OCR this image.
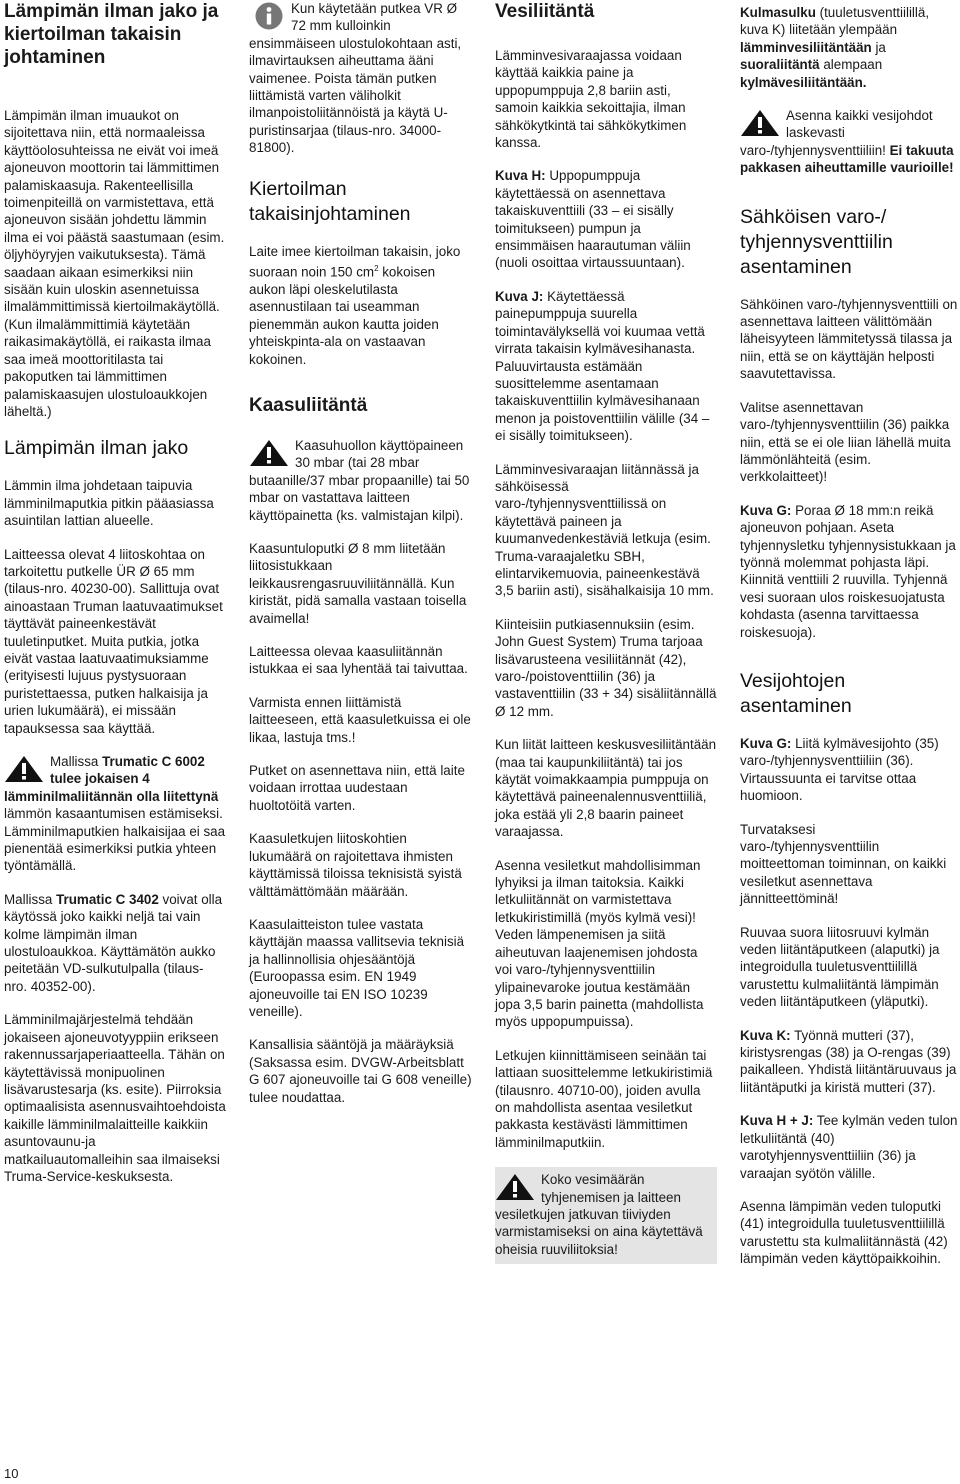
Lämpimän ilman jako ja kiertoilman takaisin johtaminen

Lämpimän ilman imuaukot on sijoitettava niin, että normaaleissa käyttöolosuhteissa ne eivät voi imeä ajoneuvon moottorin tai lämmittimen palamiskaasuja. Rakenteellisilla toimenpiteillä on varmistettava, että ajoneuvon sisään johdettu lämmin ilma ei voi päästä saastumaan (esim. öljyhöyryjen vaikutuksesta). Tämä saadaan aikaan esimerkiksi niin sisään kuin uloskin asennetuissa ilmalämmittimissä kiertoilmakäytöllä. (Kun ilmalämmittimiä käytetään raikasimakäytöllä, ei raikasta ilmaa saa imeä moottoritilasta tai pakoputken tai lämmittimen palamiskaasujen ulostuloaukkojen läheltä.)

Lämpimän ilman jako

Lämmin ilma johdetaan taipuvia lämminilmaputkia pitkin pääasiassa asuintilan lattian alueelle.

Laitteessa olevat 4 liitoskohtaa on tarkoitettu putkelle ÜR Ø 65 mm (tilaus-nro. 40230-00). Sallittuja ovat ainoastaan Truman laatuvaatimukset täyttävät paineenkestävät tuuletinputket. Muita putkia, jotka eivät vastaa laatuvaatimuksiamme (erityisesti lujuus pystysuoraan puristettaessa, putken halkaisija ja urien lukumäärä), ei missään tapauksessa saa käyttää.

Mallissa Trumatic C 6002 tulee jokaisen 4 lämminilmaliitännän olla liitettynä lämmön kasaantumisen estämiseksi. Lämminilmaputkien halkaisijaa ei saa pienentää esimerkiksi putkia yhteen työntämällä.

Mallissa Trumatic C 3402 voivat olla käytössä joko kaikki neljä tai vain kolme lämpimän ilman ulostuloaukkoa. Käyttämätön aukko peitetään VD-sulkutulpalla (tilaus-nro. 40352-00).

Lämminilmajärjestelmä tehdään jokaiseen ajoneuvotyyppiin erikseen rakennussarjaperiaatteella. Tähän on käytettävissä monipuolinen lisävarustesarja (ks. esite). Piirroksia optimaalisista asennusvaihtoehdoista kaikille lämminilmalaitteille kaikkiin asuntovaunu-ja matkailuautomalleihin saa ilmaiseksi Truma-Service-keskuksesta.

Kun käytetään putkea VR Ø 72 mm kulloinkin ensimmäiseen ulostulokohtaan asti, ilmavirtauksen aiheuttama ääni vaimenee. Poista tämän putken liittämistä varten väliholkit ilmanpoistoliitännöistä ja käytä U-puristinsarjaa (tilaus-nro. 34000-81800).

Kiertoilman takaisinjohtaminen

Laite imee kiertoilman takaisin, joko suoraan noin 150 $cm^2$ kokoisen aukon läpi oleskelutilasta asennustilaan tai useamman pienemmän aukon kautta joiden yhteiskpinta-ala on vastaavan kokoinen.

Kaasuliitäntä

Kaasuhuollon käyttöpaineen 30 mbar (tai 28 mbar butaanille/37 mbar propaanille) tai 50 mbar on vastattava laitteen käyttöpainetta (ks. valmistajan kilpi).

Kaasuntuloputki Ø 8 mm liitetään liitosistukkaan leikkausrengasruuviliitännällä. Kun kiristät, pidä samalla vastaan toisella avaimella!

Laitteessa olevaa kaasuliitännän istukkaa ei saa lyhentää tai taivuttaa.

Varmista ennen liittämistä laitteeseen, että kaasuletkuissa ei ole likaa, lastuja tms.!

Putket on asennettava niin, että laite voidaan irrottaa uudestaan huoltotöitä varten.

Kaasuletkujen liitoskohtien lukumäärä on rajoitettava ihmisten käyttämissä tiloissa teknisistä syistä välttämättömään määrään.

Kaasulaitteiston tulee vastata käyttäjän maassa vallitsevia teknisiä ja hallinnollisia ohjesääntöjä (Euroopassa esim. EN 1949 ajoneuvoille tai EN ISO 10239 veneille).

Kansallisia sääntöjä ja määräyksiä (Saksassa esim. DVGW-Arbeitsblatt G 607 ajoneuvoille tai G 608 veneille) tulee noudattaa.

Vesiliitäntä

Lämminvesivaraajassa voidaan käyttää kaikkia paine ja uppopumppuja 2,8 bariin asti, samoin kaikkia sekoittajia, ilman sähkökytkintä tai sähkökytkimen kanssa.

Kuva H: Uppopumppuja käytettäessä on asennettava takaiskuventtiili (33 – ei sisälly toimitukseen) pumpun ja ensimmäisen haarautuman väliin (nuoli osoittaa virtaussuuntaan).

Kuva J: Käytettäessä painepumppuja suurella toimintavälyksellä voi kuumaa vettä virrata takaisin kylmävesihanasta. Paluuvirtausta estämään suosittelemme asentamaan takaiskuventtiilin kylmävesihanaan menon ja poistoventtiilin välille (34 – ei sisälly toimitukseen).

Lämminvesivaraajan liitännässä ja sähköisessä varo-/tyhjennysventtiilissä on käytettävä paineen ja kuumanvedenkestäviä letkuja (esim. Truma-varaajaletku SBH, elintarvikemuovia, paineenkestävä 3,5 bariin asti), sisähalkaisija 10 mm.

Kiinteisiin putkiasennuksiin (esim. John Guest System) Truma tarjoaa lisävarusteena vesiliitännät (42), varo-/poistoventtiilin (36) ja vastaventtiilin (33 + 34) sisäliitännällä Ø 12 mm.

Kun liität laitteen keskusvesiliitäntään (maa tai kaupunkiliitäntä) tai jos käytät voimakkaampia pumppuja on käytettävä paineenalennusventtiiliä, joka estää yli 2,8 baarin paineet varaajassa.

Asenna vesiletkut mahdollisimman lyhyiksi ja ilman taitoksia. Kaikki letkuliitännät on varmistettava letkukiristimillä (myös kylmä vesi)! Veden lämpenemisen ja siitä aiheutuvan laajenemisen johdosta voi varo-/tyhjennysventtiilin ylipainevaroke joutua kestämään jopa 3,5 barin painetta (mahdollista myös uppopumpuissa).

Letkujen kiinnittämiseen seinään tai lattiaan suosittelemme letkukiristimiä (tilausnro. 40710-00), joiden avulla on mahdollista asentaa vesiletkut pakkasta kestävästi lämmittimen lämminilmaputkiin.

Koko vesimäärän tyhjenemisen ja laitteen vesiletkujen jatkuvan tiiviyden varmistamiseksi on aina käytettävä oheisia ruuviliitoksia!

Kulmasulku (tuuletusventtiilillä, kuva K) liitetään ylempään lämminvesiliitäntään ja suoraliitäntä alempaan kylmävesiliitäntään.

Asenna kaikki vesijohdot laskevasti varo-/tyhjennysventtiiliin! Ei takuuta pakkasen aiheuttamille vaurioille!

Sähköisen varo-/ tyhjennysventtiilin asentaminen

Sähköinen varo-/tyhjennysventtiili on asennettava laitteen välittömään läheisyyteen lämmitetyssä tilassa ja niin, että se on käyttäjän helposti saavutettavissa.

Valitse asennettavan varo-/tyhjennysventtiilin (36) paikka niin, että se ei ole liian lähellä muita lämmönlähteitä (esim. verkkolaitteet)!

Kuva G: Poraa Ø 18 mm:n reikä ajoneuvon pohjaan. Aseta tyhjennysletku tyhjennysistukkaan ja työnnä molemmat pohjasta läpi. Kiinnitä venttiili 2 ruuvilla. Tyhjennä vesi suoraan ulos roiskesuojatusta kohdasta (asenna tarvittaessa roiskesuoja).

Vesijohtojen asentaminen

Kuva G: Liitä kylmävesijohto (35) varo-/tyhjennysventtiiliin (36). Virtaussuunta ei tarvitse ottaa huomioon.

Turvataksesi varo-/tyhjennysventtiilin moitteettoman toiminnan, on kaikki vesiletkut asennettava jännitteettöminä!

Ruuvaa suora liitosruuvi kylmän veden liitäntäputkeen (alaputki) ja integroidulla tuuletusventtiilillä varustettu kulmaliitäntä lämpimän veden liitäntäputkeen (yläputki).

Kuva K: Työnnä mutteri (37), kiristysrengas (38) ja O-rengas (39) paikalleen. Yhdistä liitäntäruuvaus ja liitäntäputki ja kiristä mutteri (37).

Kuva H + J: Tee kylmän veden tulon letkuliitäntä (40) varotyhjennysventtiiliin (36) ja varaajan syötön välille.

Asenna lämpimän veden tuloputki (41) integroidulla tuuletusventtiilillä varustettu sta kulmaliitännästä (42) lämpimän veden käyttöpaikkoihin.

10
